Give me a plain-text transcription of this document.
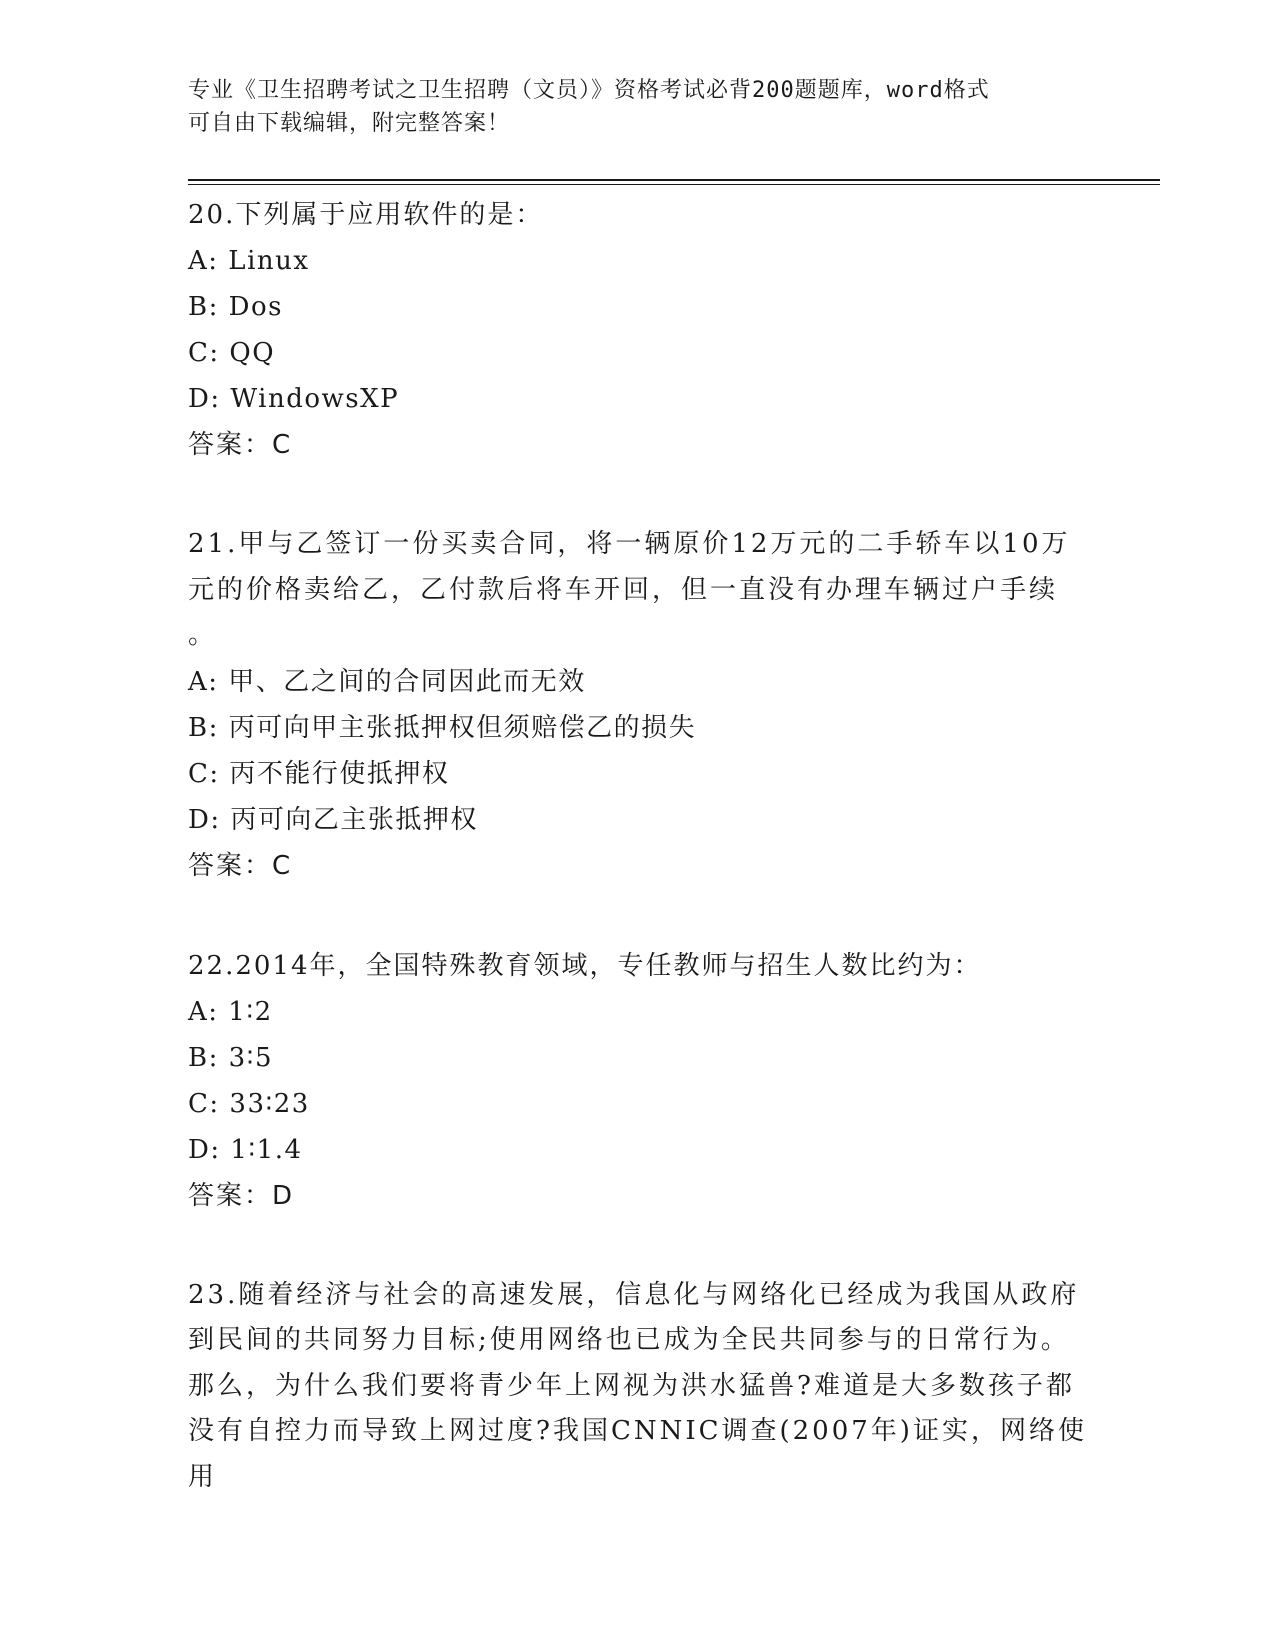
专业《卫生招聘考试之卫生招聘（文员）》资格考试必背200题题库，word格式
可自由下载编辑，附完整答案！
20.下列属于应用软件的是：
A: Linux
B: Dos
C: QQ
D: WindowsXP
答案：C
21.甲与乙签订一份买卖合同，将一辆原价12万元的二手轿车以10万
元的价格卖给乙，乙付款后将车开回，但一直没有办理车辆过户手续
。
A: 甲、乙之间的合同因此而无效
B: 丙可向甲主张抵押权但须赔偿乙的损失
C: 丙不能行使抵押权
D: 丙可向乙主张抵押权
答案：C
22.2014年，全国特殊教育领域，专任教师与招生人数比约为：
A: 1∶2
B: 3∶5
C: 33∶23
D: 1∶1.4
答案：D
23.随着经济与社会的高速发展，信息化与网络化已经成为我国从政府
到民间的共同努力目标;使用网络也已成为全民共同参与的日常行为。
那么，为什么我们要将青少年上网视为洪水猛兽?难道是大多数孩子都
没有自控力而导致上网过度?我国CNNIC调查(2007年)证实，网络使用
